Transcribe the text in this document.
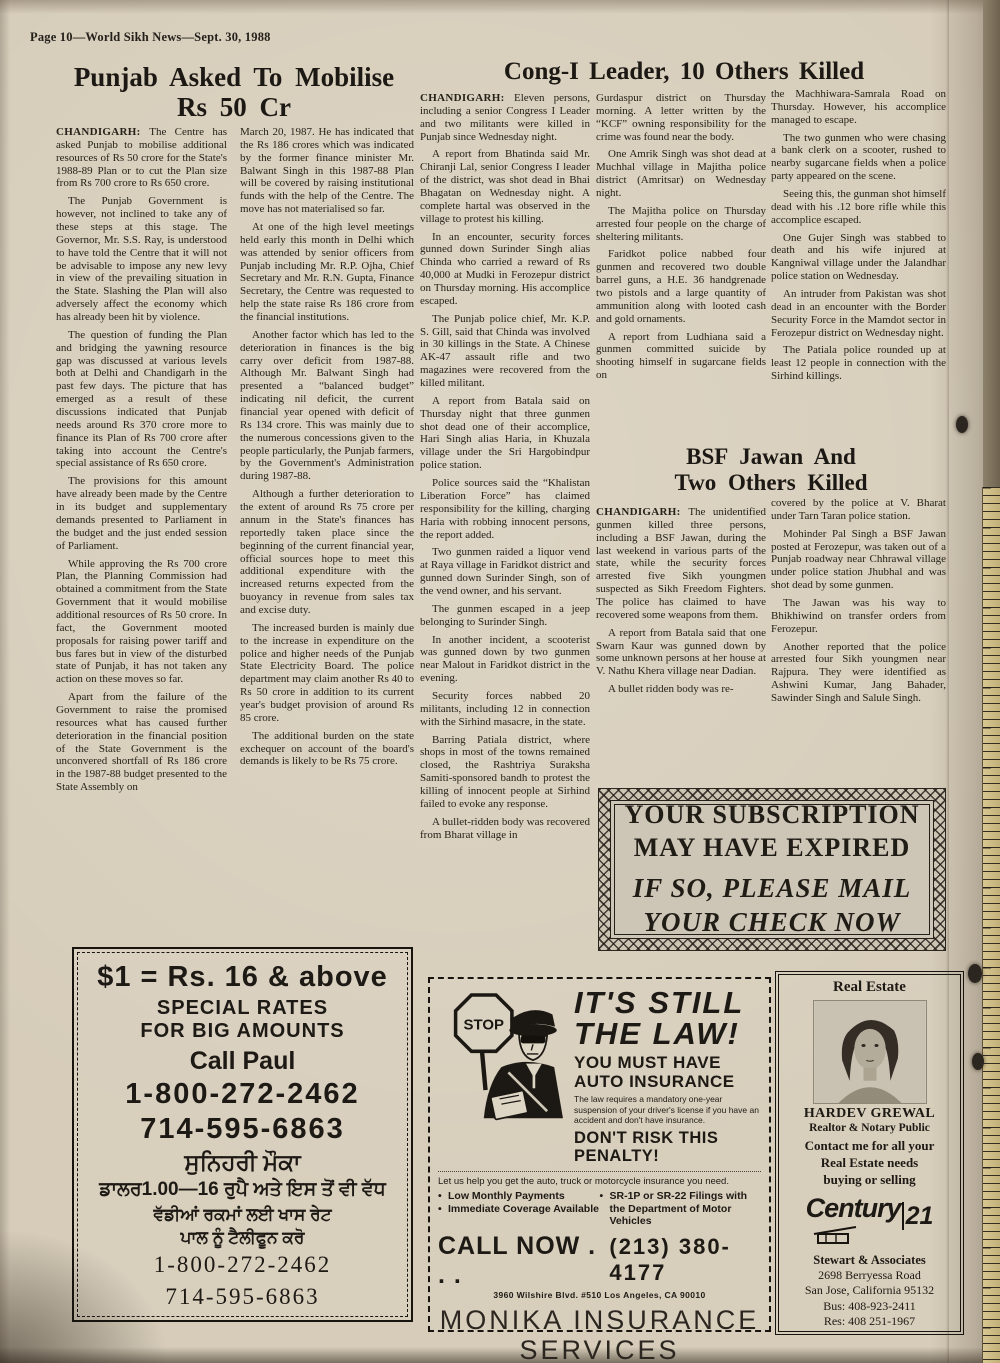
Page 10—World Sikh News—Sept. 30, 1988
Punjab Asked To Mobilise
Rs 50 Cr

CHANDIGARH: The Centre has asked Punjab to mobilise additional resources of Rs 50 crore for the State's 1988-89 Plan or to cut the Plan size from Rs 700 crore to Rs 650 crore.

The Punjab Government is however, not inclined to take any of these steps at this stage. The Governor, Mr. S.S. Ray, is understood to have told the Centre that it will not be advisable to impose any new levy in view of the prevailing situation in the State. Slashing the Plan will also adversely affect the economy which has already been hit by violence.

The question of funding the Plan and bridging the yawning resource gap was discussed at various levels both at Delhi and Chandigarh in the past few days. The picture that has emerged as a result of these discussions indicated that Punjab needs around Rs 370 crore more to finance its Plan of Rs 700 crore after taking into account the Centre's special assistance of Rs 650 crore.

The provisions for this amount have already been made by the Centre in its budget and supplementary demands presented to Parliament in the budget and the just ended session of Parliament.

While approving the Rs 700 crore Plan, the Planning Commission had obtained a commitment from the State Government that it would mobilise additional resources of Rs 50 crore. In fact, the Government mooted proposals for raising power tariff and bus fares but in view of the disturbed state of Punjab, it has not taken any action on these moves so far.

Apart from the failure of the Government to raise the promised resources what has caused further deterioration in the financial position of the State Government is the unconvered shortfall of Rs 186 crore in the 1987-88 budget presented to the State Assembly on

March 20, 1987. He has indicated that the Rs 186 crores which was indicated by the former finance minister Mr. Balwant Singh in this 1987-88 Plan will be covered by raising institutional funds with the help of the Centre. The move has not materialised so far.

At one of the high level meetings held early this month in Delhi which was attended by senior officers from Punjab including Mr. R.P. Ojha, Chief Secretary and Mr. R.N. Gupta, Finance Secretary, the Centre was requested to help the state raise Rs 186 crore from the financial institutions.

Another factor which has led to the deterioration in finances is the big carry over deficit from 1987-88. Although Mr. Balwant Singh had presented a “balanced budget” indicating nil deficit, the current financial year opened with deficit of Rs 134 crore. This was mainly due to the numerous concessions given to the people particularly, the Punjab farmers, by the Government's Administration during 1987-88.

Although a further deterioration to the extent of around Rs 75 crore per annum in the State's finances has reportedly taken place since the beginning of the current financial year, official sources hope to meet this additional expenditure with the increased returns expected from the buoyancy in revenue from sales tax and excise duty.

The increased burden is mainly due to the increase in expenditure on the police and higher needs of the Punjab State Electricity Board. The police department may claim another Rs 40 to Rs 50 crore in addition to its current year's budget provision of around Rs 85 crore.

The additional burden on the state exchequer on account of the board's demands is likely to be Rs 75 crore.

Cong-I Leader, 10 Others Killed

CHANDIGARH: Eleven persons, including a senior Congress I Leader and two militants were killed in Punjab since Wednesday night.

A report from Bhatinda said Mr. Chiranji Lal, senior Congress I leader of the district, was shot dead in Bhai Bhagatan on Wednesday night. A complete hartal was observed in the village to protest his killing.

In an encounter, security forces gunned down Surinder Singh alias Chinda who carried a reward of Rs 40,000 at Mudki in Ferozepur district on Thursday morning. His accomplice escaped.

The Punjab police chief, Mr. K.P. S. Gill, said that Chinda was involved in 30 killings in the State. A Chinese AK-47 assault rifle and two magazines were recovered from the killed militant.

A report from Batala said on Thursday night that three gunmen shot dead one of their accomplice, Hari Singh alias Haria, in Khuzala village under the Sri Hargobindpur police station.

Police sources said the “Khalistan Liberation Force” has claimed responsibility for the killing, charging Haria with robbing innocent persons, the report added.

Two gunmen raided a liquor vend at Raya village in Faridkot district and gunned down Surinder Singh, son of the vend owner, and his servant.

The gunmen escaped in a jeep belonging to Surinder Singh.

In another incident, a scooterist was gunned down by two gunmen near Malout in Faridkot district in the evening.

Security forces nabbed 20 militants, including 12 in connection with the Sirhind masacre, in the state.

Barring Patiala district, where shops in most of the towns remained closed, the Rashtriya Suraksha Samiti-sponsored bandh to protest the killing of innocent people at Sirhind failed to evoke any response.

A bullet-ridden body was recovered from Bharat village in

Gurdaspur district on Thursday morning. A letter written by the “KCF” owning responsibility for the crime was found near the body.

One Amrik Singh was shot dead at Muchhal village in Majitha police district (Amritsar) on Wednesday night.

The Majitha police on Thursday arrested four people on the charge of sheltering militants.

Faridkot police nabbed four gunmen and recovered two double barrel guns, a H.E. 36 handgrenade two pistols and a large quantity of ammunition along with looted cash and gold ornaments.

A report from Ludhiana said a gunmen committed suicide by shooting himself in sugarcane fields on

the Machhiwara-Samrala Road on Thursday. However, his accomplice managed to escape.

The two gunmen who were chasing a bank clerk on a scooter, rushed to nearby sugarcane fields when a police party appeared on the scene.

Seeing this, the gunman shot himself dead with his .12 bore rifle while this accomplice escaped.

One Gujer Singh was stabbed to death and his wife injured at Kangniwal village under the Jalandhar police station on Wednesday.

An intruder from Pakistan was shot dead in an encounter with the Border Security Force in the Mamdot sector in Ferozepur district on Wednesday night.

The Patiala police rounded up at least 12 people in connection with the Sirhind killings.

BSF Jawan And
Two Others Killed

CHANDIGARH: The unidentified gunmen killed three persons, including a BSF Jawan, during the last weekend in various parts of the state, while the security forces arrested five Sikh youngmen suspected as Sikh Freedom Fighters. The police has claimed to have recovered some weapons from them.

A report from Batala said that one Swarn Kaur was gunned down by some unknown persons at her house at V. Nathu Khera village near Dadian.

A bullet ridden body was re-

covered by the police at V. Bharat under Tarn Taran police station.

Mohinder Pal Singh a BSF Jawan posted at Ferozepur, was taken out of a Punjab roadway near Chhrawal village under police station Jhubhal and was shot dead by some gunmen.

The Jawan was his way to Bhikhiwind on transfer orders from Ferozepur.

Another reported that the police arrested four Sikh youngmen near Rajpura. They were identified as Ashwini Kumar, Jang Bahader, Sawinder Singh and Salule Singh.

YOUR SUBSCRIPTION
MAY HAVE EXPIRED
IF SO, PLEASE MAIL
YOUR CHECK NOW
$1 = Rs. 16 & above
SPECIAL RATES
FOR BIG AMOUNTS
Call Paul
1-800-272-2462
714-595-6863
ਸੁਨਿਹਰੀ ਮੌਕਾ
ਡਾਲਰ1.00—16 ਰੁਪੈ ਅਤੇ ਇਸ ਤੋਂ ਵੀ ਵੱਧ
ਵੱਡੀਆਂ ਰਕਮਾਂ ਲਈ ਖਾਸ ਰੇਟ
ਪਾਲ ਨੂੰ ਟੈਲੀਫੂਨ ਕਰੋ
1-800-272-2462
714-595-6863
STOP
IT'S STILL
THE LAW!
YOU MUST HAVE
AUTO INSURANCE
The law requires a mandatory one-year suspension of your driver's license if you have an accident and don't have insurance.
DON'T RISK THIS
PENALTY!
Let us help you get the auto, truck or motorcycle insurance you need.
• Low Monthly Payments
• Immediate Coverage Available
• SR-1P or SR-22 Filings with the Department of Motor Vehicles
CALL NOW . . .
(213) 380-4177
3960 Wilshire Blvd. #510 Los Angeles, CA 90010
MONIKA INSURANCE
SERVICES
Real Estate
HARDEV GREWAL
Realtor & Notary Public
Contact me for all your
Real Estate needs
buying or selling
Century 21
Stewart & Associates
2698 Berryessa Road
San Jose, California 95132
Bus: 408-923-2411
Res: 408 251-1967
